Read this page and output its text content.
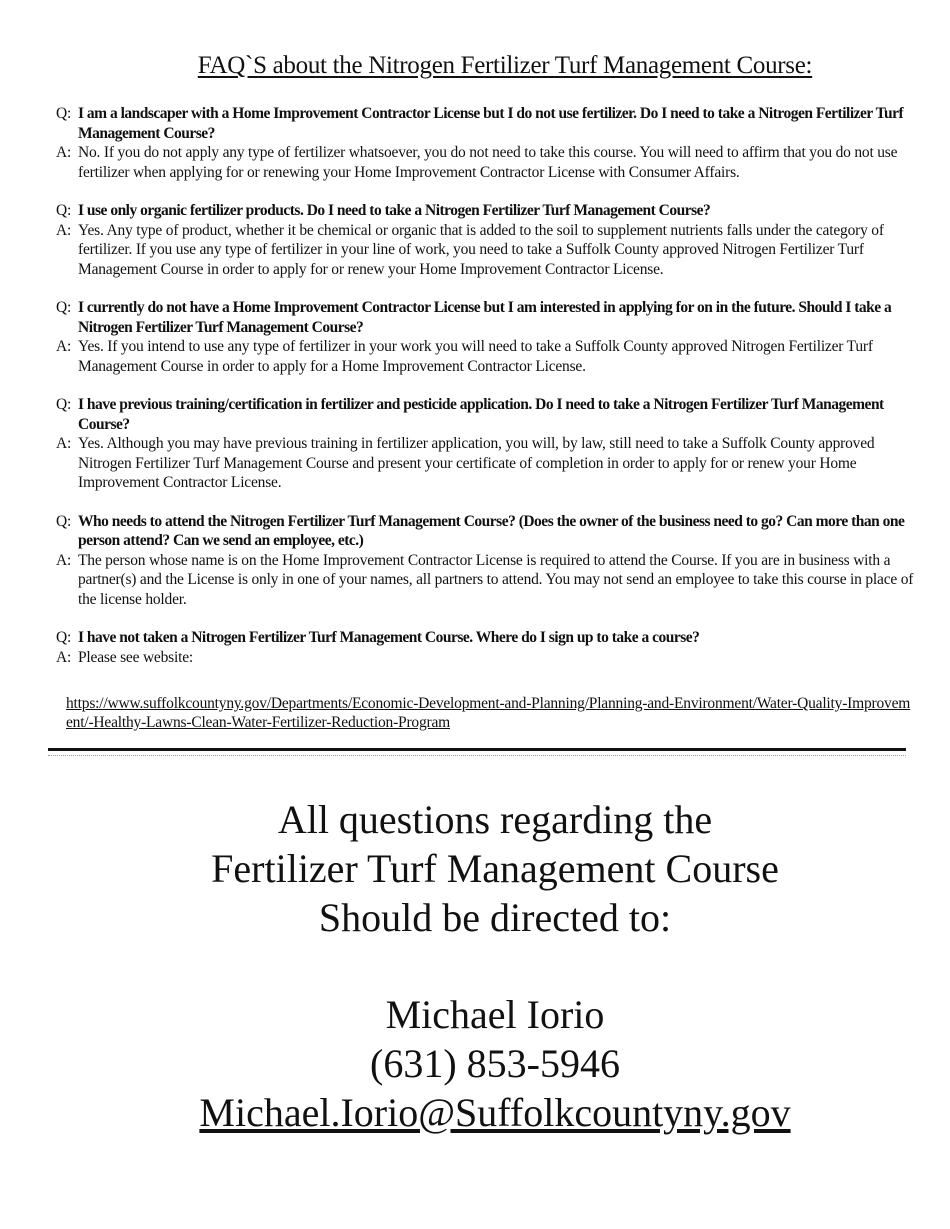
FAQ`S about the Nitrogen Fertilizer Turf Management Course:
Q: I am a landscaper with a Home Improvement Contractor License but I do not use fertilizer. Do I need to take a Nitrogen Fertilizer Turf Management Course?
A: No. If you do not apply any type of fertilizer whatsoever, you do not need to take this course. You will need to affirm that you do not use fertilizer when applying for or renewing your Home Improvement Contractor License with Consumer Affairs.
Q: I use only organic fertilizer products. Do I need to take a Nitrogen Fertilizer Turf Management Course?
A: Yes. Any type of product, whether it be chemical or organic that is added to the soil to supplement nutrients falls under the category of fertilizer. If you use any type of fertilizer in your line of work, you need to take a Suffolk County approved Nitrogen Fertilizer Turf Management Course in order to apply for or renew your Home Improvement Contractor License.
Q: I currently do not have a Home Improvement Contractor License but I am interested in applying for on in the future. Should I take a Nitrogen Fertilizer Turf Management Course?
A: Yes. If you intend to use any type of fertilizer in your work you will need to take a Suffolk County approved Nitrogen Fertilizer Turf Management Course in order to apply for a Home Improvement Contractor License.
Q: I have previous training/certification in fertilizer and pesticide application. Do I need to take a Nitrogen Fertilizer Turf Management Course?
A: Yes. Although you may have previous training in fertilizer application, you will, by law, still need to take a Suffolk County approved Nitrogen Fertilizer Turf Management Course and present your certificate of completion in order to apply for or renew your Home Improvement Contractor License.
Q: Who needs to attend the Nitrogen Fertilizer Turf Management Course? (Does the owner of the business need to go? Can more than one person attend? Can we send an employee, etc.)
A: The person whose name is on the Home Improvement Contractor License is required to attend the Course. If you are in business with a partner(s) and the License is only in one of your names, all partners to attend. You may not send an employee to take this course in place of the license holder.
Q: I have not taken a Nitrogen Fertilizer Turf Management Course. Where do I sign up to take a course?
A: Please see website:
https://www.suffolkcountyny.gov/Departments/Economic-Development-and-Planning/Planning-and-Environment/Water-Quality-Improvement/-Healthy-Lawns-Clean-Water-Fertilizer-Reduction-Program
All questions regarding the
Fertilizer Turf Management Course
Should be directed to:
Michael Iorio
(631) 853-5946
Michael.Iorio@Suffolkcountyny.gov
